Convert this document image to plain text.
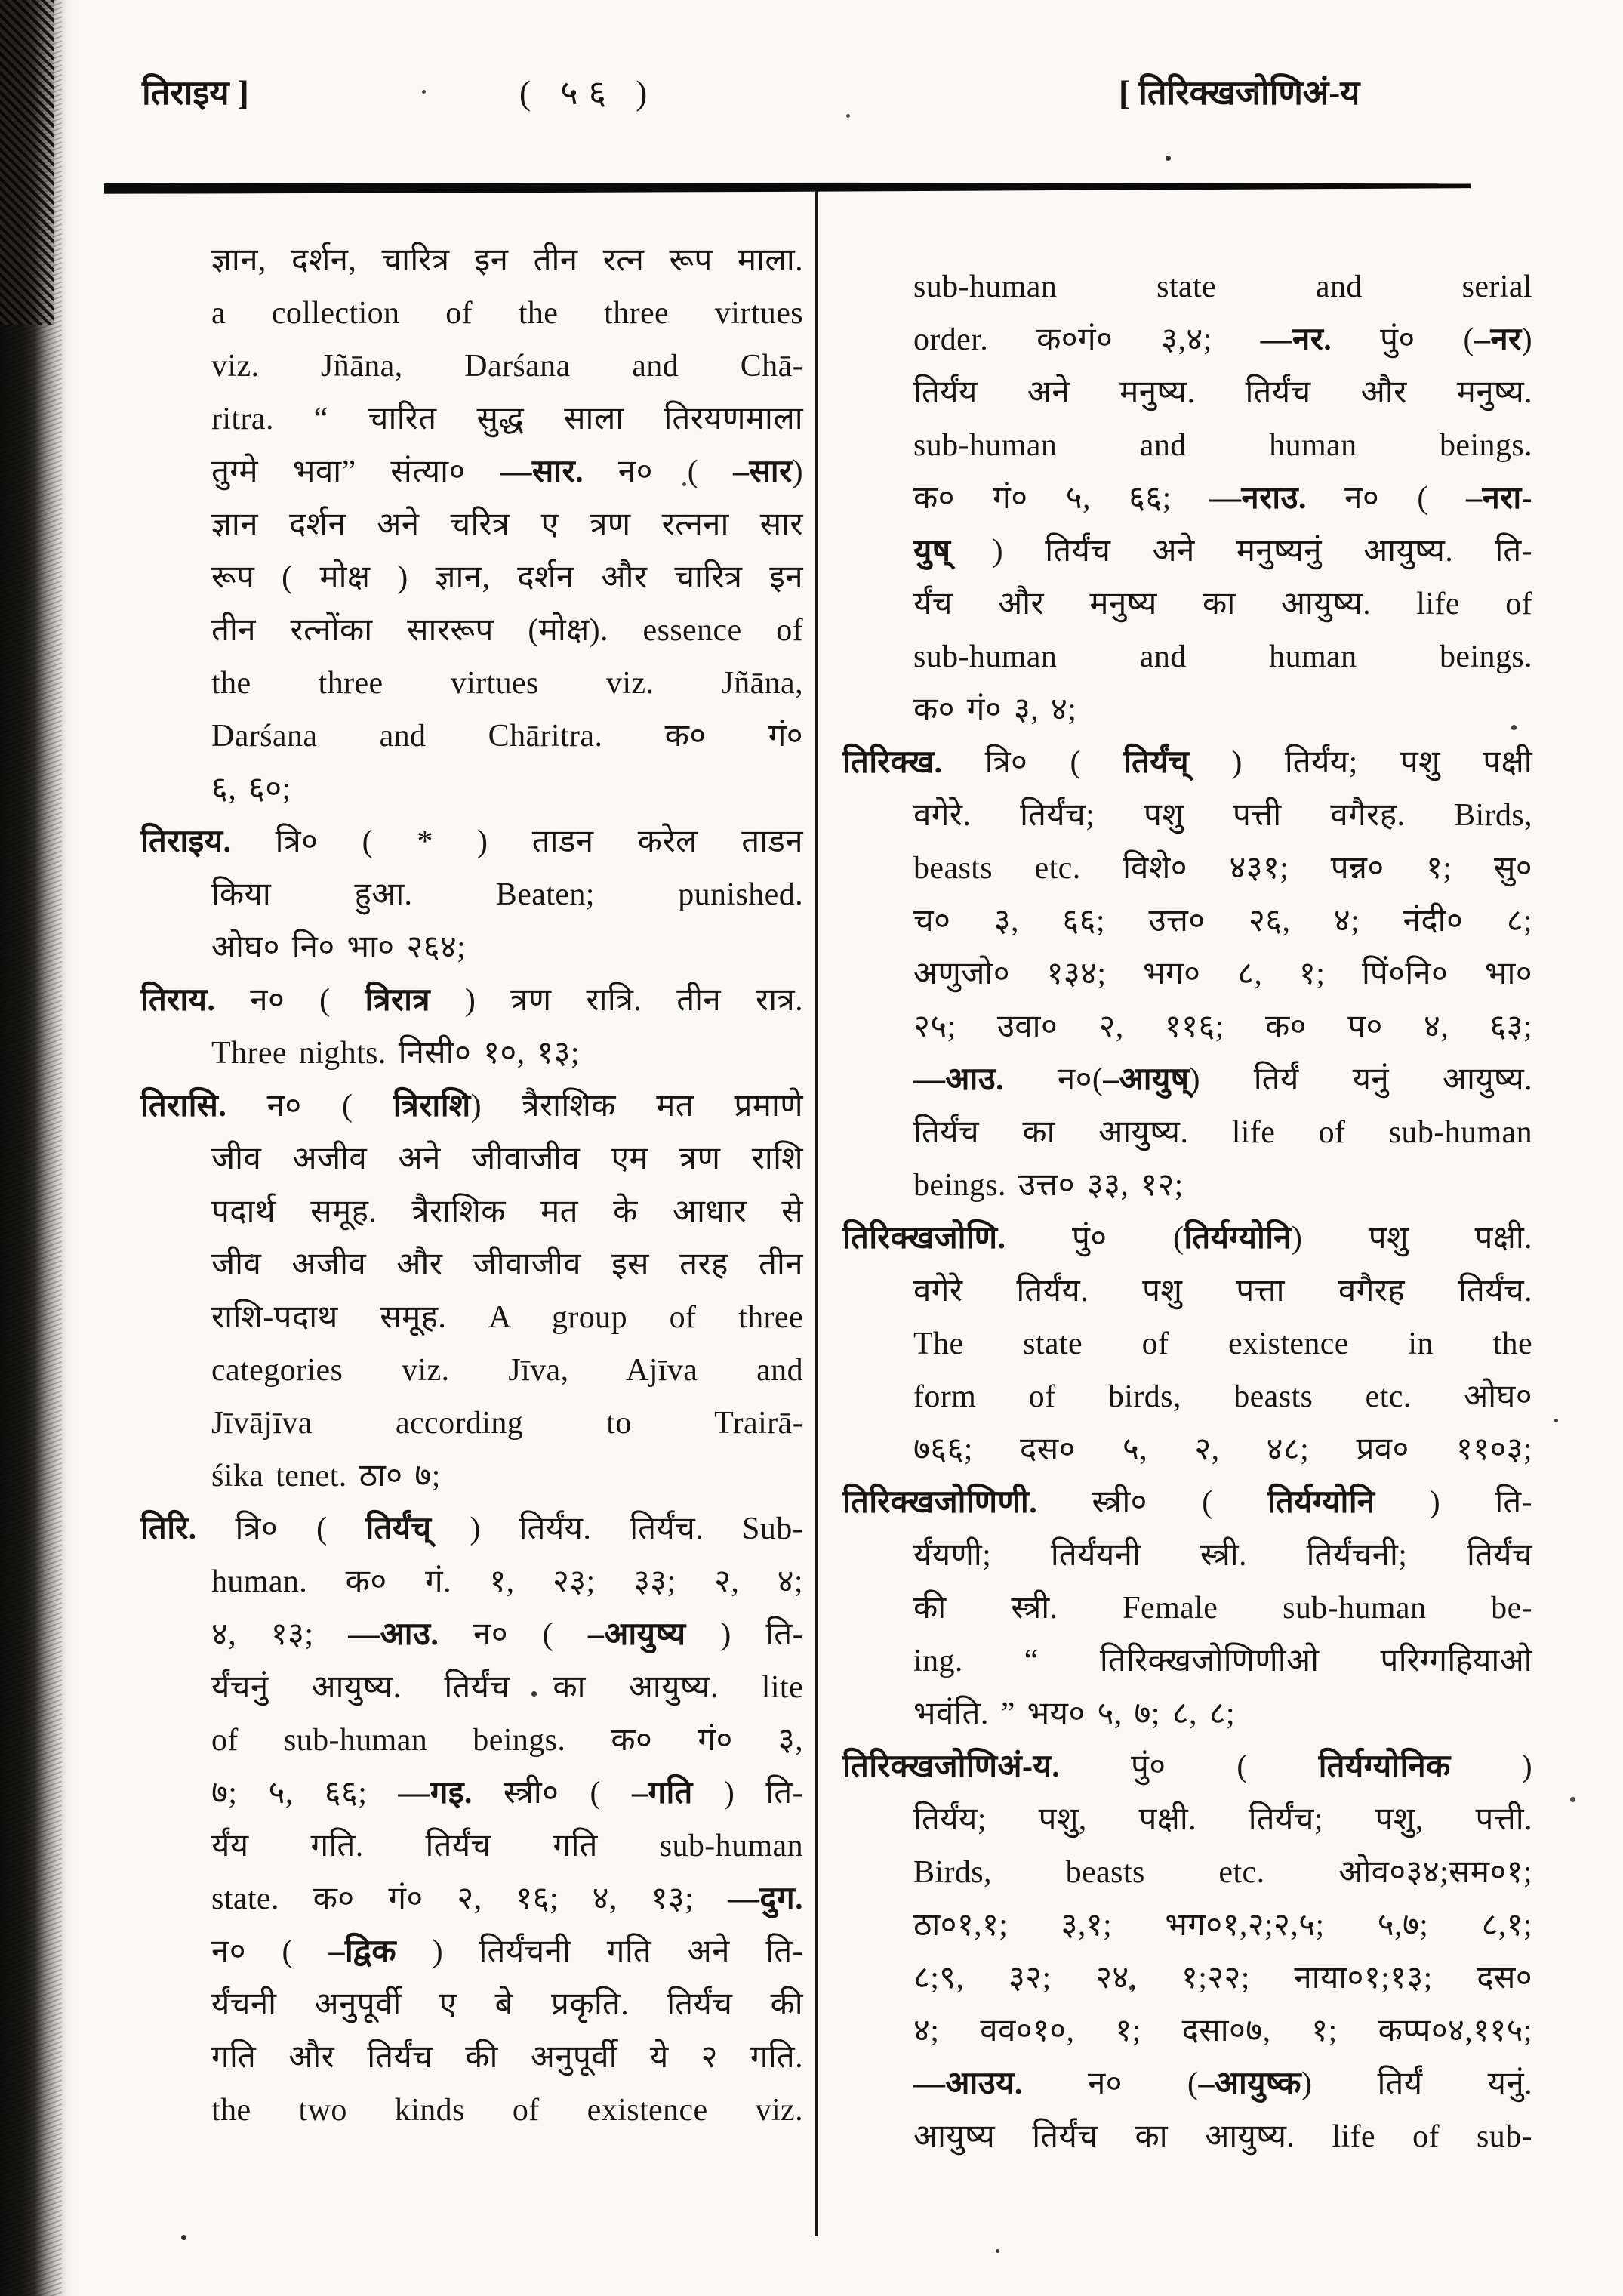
तिराइय ]	( ५६ )	[ तिरिक्खजोणिअं-य
ज्ञान, दर्शन, चारित्र इन तीन रत्न रूप माला.
a collection of the three virtues
viz. Jñāna, Darśana and Chā-
ritra. “ चारित सुद्ध साला तिरयणमाला
तुग्मे भवा” संत्या० —सार. न० ( –सार)
ज्ञान दर्शन अने चरित्र ए त्रण रत्नना सार
रूप ( मोक्ष ) ज्ञान, दर्शन और चारित्र इन
तीन रत्नोंका साररूप (मोक्ष). essence of
the three virtues viz. Jñāna,
Darśana and Chāritra. क० गं०
६, ६०;
तिराइय. त्रि० ( * ) ताडन करेल ताडन
किया हुआ. Beaten; punished.
ओघ० नि० भा० २६४;
तिराय. न० ( त्रिरात्र ) त्रण रात्रि. तीन रात्र.
Three nights. निसी० १०, १३;
तिरासि. न० ( त्रिराशि) त्रैराशिक मत प्रमाणे
जीव अजीव अने जीवाजीव एम त्रण राशि
पदार्थ समूह. त्रैराशिक मत के आधार से
जीव अजीव और जीवाजीव इस तरह तीन
राशि-पदाथ समूह. A group of three
categories viz. Jīva, Ajīva and
Jīvājīva according to Trairā-
śika tenet. ठा० ७;
तिरि. त्रि० ( तिर्यंच् ) तिर्यंय. तिर्यंच. Sub-
human. क० गं. १, २३; ३३; २, ४;
४, १३; —आउ. न० ( –आयुष्य ) ति-
र्यंचनुं आयुष्य. तिर्यंच का आयुष्य. lite
of sub-human beings. क० गं० ३,
७; ५, ६६; —गइ. स्त्री० ( –गति ) ति-
र्यंय गति. तिर्यंच गति sub-human
state. क० गं० २, १६; ४, १३; —दुग.
न० ( –द्विक ) तिर्यंचनी गति अने ति-
र्यंचनी अनुपूर्वी ए बे प्रकृति. तिर्यंच की
गति और तिर्यंच की अनुपूर्वी ये २ गति.
the two kinds of existence viz.
sub-human state and serial
order. क०गं० ३,४; —नर. पुं० (–नर)
तिर्यंय अने मनुष्य. तिर्यंच और मनुष्य.
sub-human and human beings.
क० गं० ५, ६६; —नराउ. न० ( –नरा-
युष् ) तिर्यंच अने मनुष्यनुं आयुष्य. ति-
र्यंच और मनुष्य का आयुष्य. life of
sub-human and human beings.
क० गं० ३, ४;
तिरिक्ख. त्रि० ( तिर्यंच् ) तिर्यंय; पशु पक्षी
वगेरे. तिर्यंच; पशु पत्ती वगैरह. Birds,
beasts etc. विशे० ४३१; पन्न० १; सु०
च० ३, ६६; उत्त० २६, ४; नंदी० ८;
अणुजो० १३४; भग० ८, १; पिं०नि० भा०
२५; उवा० २, ११६; क० प० ४, ६३;
—आउ. न०(–आयुष्) तिर्यं यनुं आयुष्य.
तिर्यंच का आयुष्य. life of sub-human
beings. उत्त० ३३, १२;
तिरिक्खजोणि. पुं० (तिर्यग्योनि) पशु पक्षी.
वगेरे तिर्यंय. पशु पत्ता वगैरह तिर्यंच.
The state of existence in the
form of birds, beasts etc. ओघ०
७६६; दस० ५, २, ४८; प्रव० ११०३;
तिरिक्खजोणिणी. स्त्री० ( तिर्यग्योनि ) ति-
र्यंयणी; तिर्यंयनी स्त्री. तिर्यंचनी; तिर्यंच
की स्त्री. Female sub-human be-
ing. “ तिरिक्खजोणिणीओ परिग्गहियाओ
भवंति. ” भय० ५, ७; ८, ८;
तिरिक्खजोणिअं-य. पुं० ( तिर्यग्योनिक )
तिर्यंय; पशु, पक्षी. तिर्यंच; पशु, पत्ती.
Birds, beasts etc. ओव०३४;सम०१;
ठा०१,१; ३,१; भग०१,२;२,५; ५,७; ८,१;
८;९, ३२; २४, १;२२; नाया०१;१३; दस०
४; वव०१०, १; दसा०७, १; कप्प०४,११५;
—आउय. न० (–आयुष्क) तिर्यं यनुं.
आयुष्य तिर्यंच का आयुष्य. life of sub-
